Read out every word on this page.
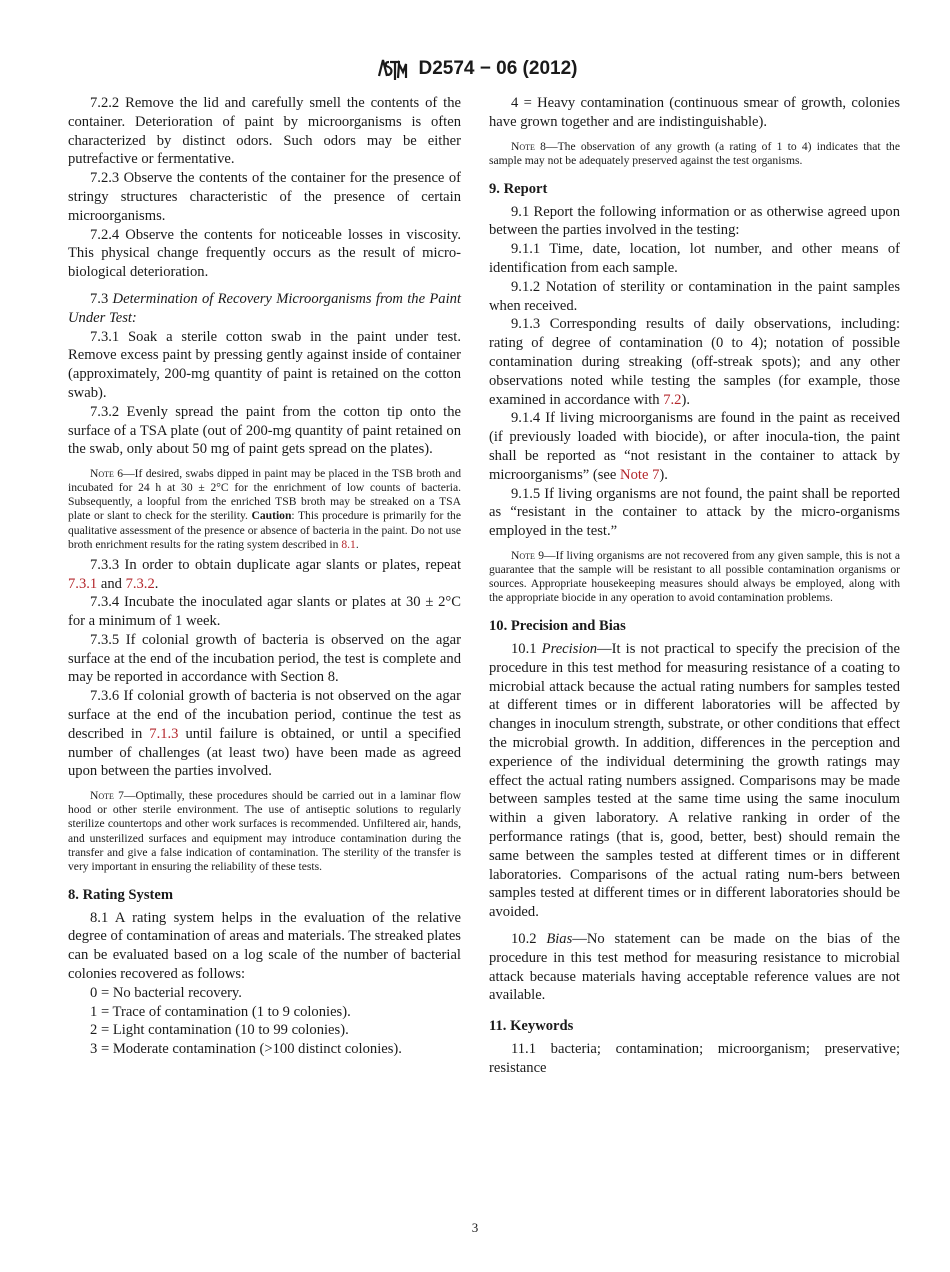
D2574 − 06 (2012)

7.2.2 Remove the lid and carefully smell the contents of the container. Deterioration of paint by microorganisms is often characterized by distinct odors. Such odors may be either putrefactive or fermentative.

7.2.3 Observe the contents of the container for the presence of stringy structures characteristic of the presence of certain microorganisms.

7.2.4 Observe the contents for noticeable losses in viscosity. This physical change frequently occurs as the result of micro-biological deterioration.

7.3 Determination of Recovery Microorganisms from the Paint Under Test:

7.3.1 Soak a sterile cotton swab in the paint under test. Remove excess paint by pressing gently against inside of container (approximately, 200-mg quantity of paint is retained on the cotton swab).

7.3.2 Evenly spread the paint from the cotton tip onto the surface of a TSA plate (out of 200-mg quantity of paint retained on the swab, only about 50 mg of paint gets spread on the plates).

Note 6—If desired, swabs dipped in paint may be placed in the TSB broth and incubated for 24 h at 30 ± 2°C for the enrichment of low counts of bacteria. Subsequently, a loopful from the enriched TSB broth may be streaked on a TSA plate or slant to check for the sterility. Caution: This procedure is primarily for the qualitative assessment of the presence or absence of bacteria in the paint. Do not use broth enrichment results for the rating system described in 8.1.

7.3.3 In order to obtain duplicate agar slants or plates, repeat 7.3.1 and 7.3.2.

7.3.4 Incubate the inoculated agar slants or plates at 30 ± 2°C for a minimum of 1 week.

7.3.5 If colonial growth of bacteria is observed on the agar surface at the end of the incubation period, the test is complete and may be reported in accordance with Section 8.

7.3.6 If colonial growth of bacteria is not observed on the agar surface at the end of the incubation period, continue the test as described in 7.1.3 until failure is obtained, or until a specified number of challenges (at least two) have been made as agreed upon between the parties involved.

Note 7—Optimally, these procedures should be carried out in a laminar flow hood or other sterile environment. The use of antiseptic solutions to regularly sterilize countertops and other work surfaces is recommended. Unfiltered air, hands, and unsterilized surfaces and equipment may introduce contamination during the transfer and give a false indication of contamination. The sterility of the transfer is very important in ensuring the reliability of these tests.

8. Rating System

8.1 A rating system helps in the evaluation of the relative degree of contamination of areas and materials. The streaked plates can be evaluated based on a log scale of the number of bacterial colonies recovered as follows:

0 = No bacterial recovery.

1 = Trace of contamination (1 to 9 colonies).

2 = Light contamination (10 to 99 colonies).

3 = Moderate contamination (>100 distinct colonies).

4 = Heavy contamination (continuous smear of growth, colonies have grown together and are indistinguishable).

Note 8—The observation of any growth (a rating of 1 to 4) indicates that the sample may not be adequately preserved against the test organisms.

9. Report

9.1 Report the following information or as otherwise agreed upon between the parties involved in the testing:

9.1.1 Time, date, location, lot number, and other means of identification from each sample.

9.1.2 Notation of sterility or contamination in the paint samples when received.

9.1.3 Corresponding results of daily observations, including: rating of degree of contamination (0 to 4); notation of possible contamination during streaking (off-streak spots); and any other observations noted while testing the samples (for example, those examined in accordance with 7.2).

9.1.4 If living microorganisms are found in the paint as received (if previously loaded with biocide), or after inocula-tion, the paint shall be reported as “not resistant in the container to attack by microorganisms” (see Note 7).

9.1.5 If living organisms are not found, the paint shall be reported as “resistant in the container to attack by the micro-organisms employed in the test.”

Note 9—If living organisms are not recovered from any given sample, this is not a guarantee that the sample will be resistant to all possible contamination organisms or sources. Appropriate housekeeping measures should always be employed, along with the appropriate biocide in any operation to avoid contamination problems.

10. Precision and Bias

10.1 Precision—It is not practical to specify the precision of the procedure in this test method for measuring resistance of a coating to microbial attack because the actual rating numbers for samples tested at different times or in different laboratories will be affected by changes in inoculum strength, substrate, or other conditions that effect the microbial growth. In addition, differences in the perception and experience of the individual determining the growth ratings may effect the actual rating numbers assigned. Comparisons may be made between samples tested at the same time using the same inoculum within a given laboratory. A relative ranking in order of the performance ratings (that is, good, better, best) should remain the same between the samples tested at different times or in different laboratories. Comparisons of the actual rating num-bers between samples tested at different times or in different laboratories should be avoided.

10.2 Bias—No statement can be made on the bias of the procedure in this test method for measuring resistance to microbial attack because materials having acceptable reference values are not available.

11. Keywords

11.1 bacteria; contamination; microorganism; preservative; resistance

3
